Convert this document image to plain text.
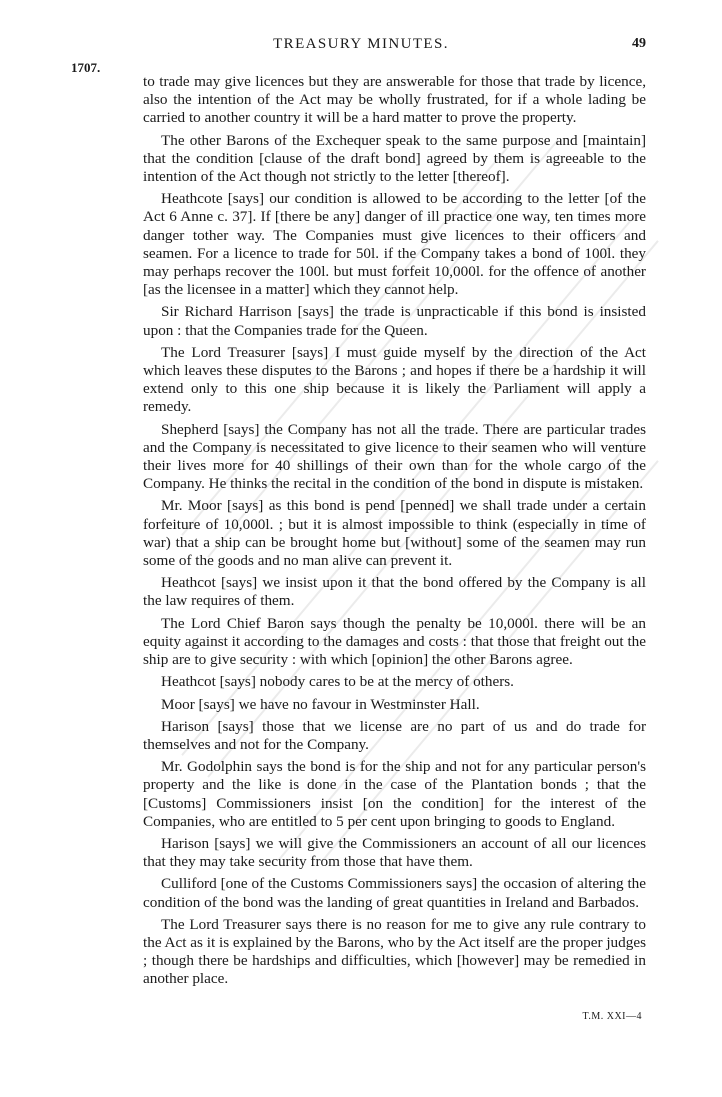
TREASURY MINUTES.	49
1707.

to trade may give licences but they are answerable for those that trade by licence, also the intention of the Act may be wholly frustrated, for if a whole lading be carried to another country it will be a hard matter to prove the property.

The other Barons of the Exchequer speak to the same purpose and [maintain] that the condition [clause of the draft bond] agreed by them is agreeable to the intention of the Act though not strictly to the letter [thereof].

Heathcote [says] our condition is allowed to be according to the letter [of the Act 6 Anne c. 37]. If [there be any] danger of ill practice one way, ten times more danger tother way. The Companies must give licences to their officers and seamen. For a licence to trade for 50l. if the Company takes a bond of 100l. they may perhaps recover the 100l. but must forfeit 10,000l. for the offence of another [as the licensee in a matter] which they cannot help.

Sir Richard Harrison [says] the trade is unpracticable if this bond is insisted upon : that the Companies trade for the Queen.

The Lord Treasurer [says] I must guide myself by the direction of the Act which leaves these disputes to the Barons ; and hopes if there be a hardship it will extend only to this one ship because it is likely the Parliament will apply a remedy.

Shepherd [says] the Company has not all the trade. There are particular trades and the Company is necessitated to give licence to their seamen who will venture their lives more for 40 shillings of their own than for the whole cargo of the Company. He thinks the recital in the condition of the bond in dispute is mistaken.

Mr. Moor [says] as this bond is pend [penned] we shall trade under a certain forfeiture of 10,000l. ; but it is almost impossible to think (especially in time of war) that a ship can be brought home but [without] some of the seamen may run some of the goods and no man alive can prevent it.

Heathcot [says] we insist upon it that the bond offered by the Company is all the law requires of them.

The Lord Chief Baron says though the penalty be 10,000l. there will be an equity against it according to the damages and costs : that those that freight out the ship are to give security : with which [opinion] the other Barons agree.

Heathcot [says] nobody cares to be at the mercy of others.

Moor [says] we have no favour in Westminster Hall.

Harison [says] those that we license are no part of us and do trade for themselves and not for the Company.

Mr. Godolphin says the bond is for the ship and not for any particular person's property and the like is done in the case of the Plantation bonds ; that the [Customs] Commissioners insist [on the condition] for the interest of the Companies, who are entitled to 5 per cent upon bringing to goods to England.

Harison [says] we will give the Commissioners an account of all our licences that they may take security from those that have them.

Culliford [one of the Customs Commissioners says] the occasion of altering the condition of the bond was the landing of great quantities in Ireland and Barbados.

The Lord Treasurer says there is no reason for me to give any rule contrary to the Act as it is explained by the Barons, who by the Act itself are the proper judges ; though there be hardships and difficulties, which [however] may be remedied in another place.

T.M. XXI—4
